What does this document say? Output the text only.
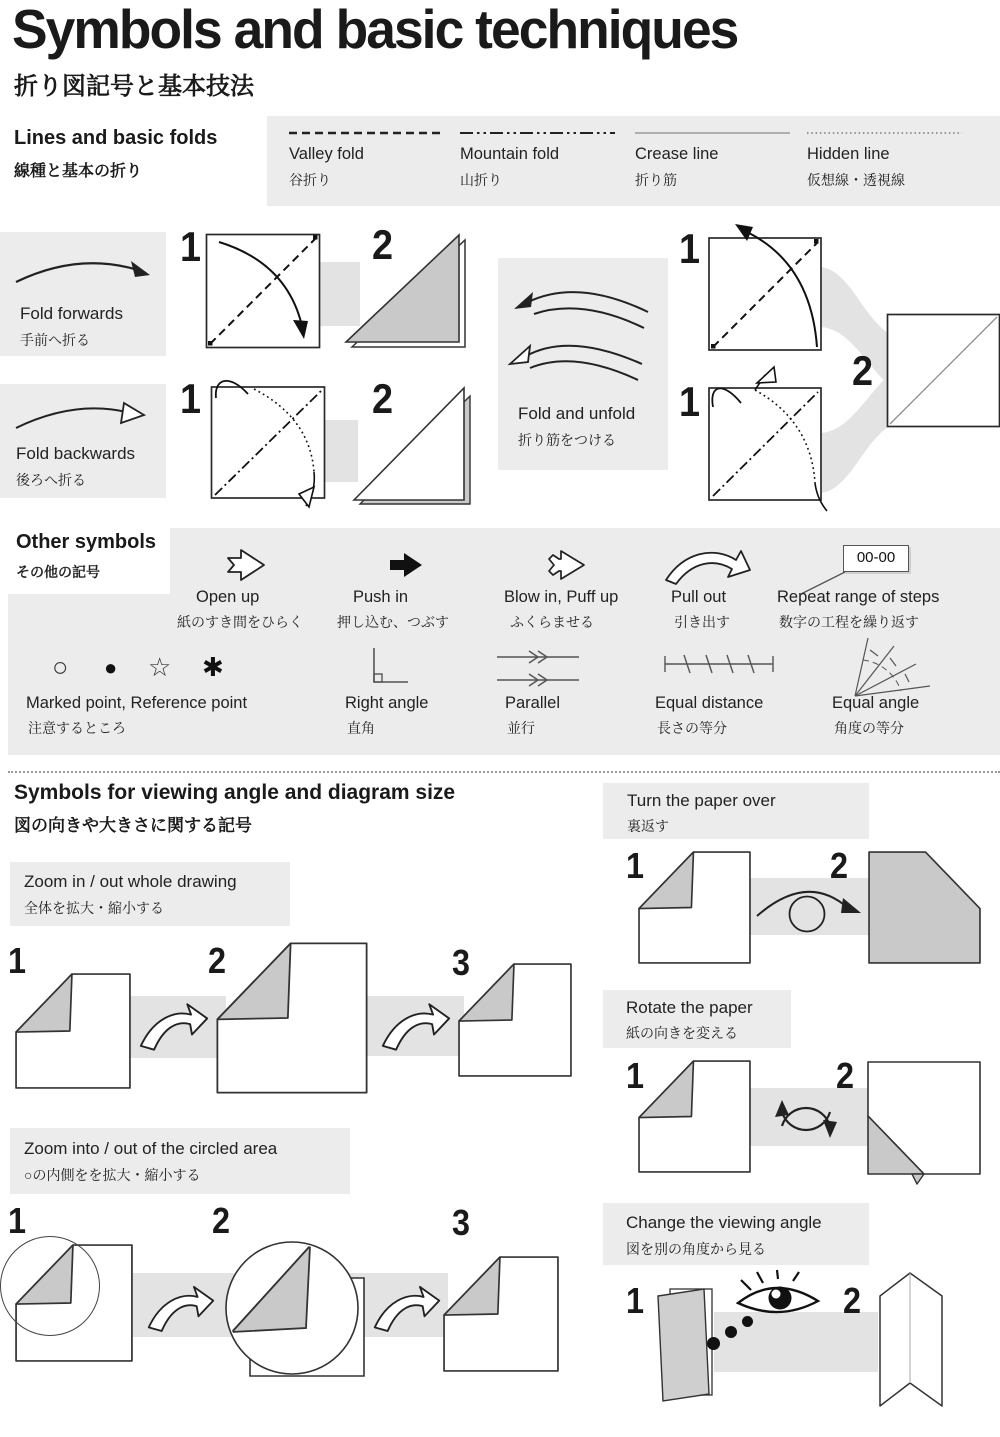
Symbols and basic techniques
折り図記号と基本技法
Lines and basic folds
線種と基本の折り
Valley fold
谷折り
Mountain fold
山折り
Crease line
折り筋
Hidden line
仮想線・透視線
Fold forwards
手前へ折る
Fold backwards
後ろへ折る
1	2
1	2	Fold and unfold
折り筋をつける
1
1
2
Other symbols
その他の記号
00-00
Open up
紙のすき間をひらく
Push in
押し込む、つぶす
Blow in, Puff up
ふくらませる
Pull out
引き出す
Repeat range of steps
数字の工程を繰り返す
○ ● ☆ ✱
Marked point, Reference point
注意するところ
Right angle
直角
Parallel
並行
Equal distance
長さの等分
Equal angle
角度の等分
Symbols for viewing angle and diagram size
図の向きや大きさに関する記号
Zoom in / out whole drawing
全体を拡大・縮小する
1	2	3
Zoom into / out of the circled area
○の内側をを拡大・縮小する
1	2	3
Turn the paper over
裏返す
1	2
Rotate the paper
紙の向きを変える
1	2
Change the viewing angle
図を別の角度から見る
1	2
